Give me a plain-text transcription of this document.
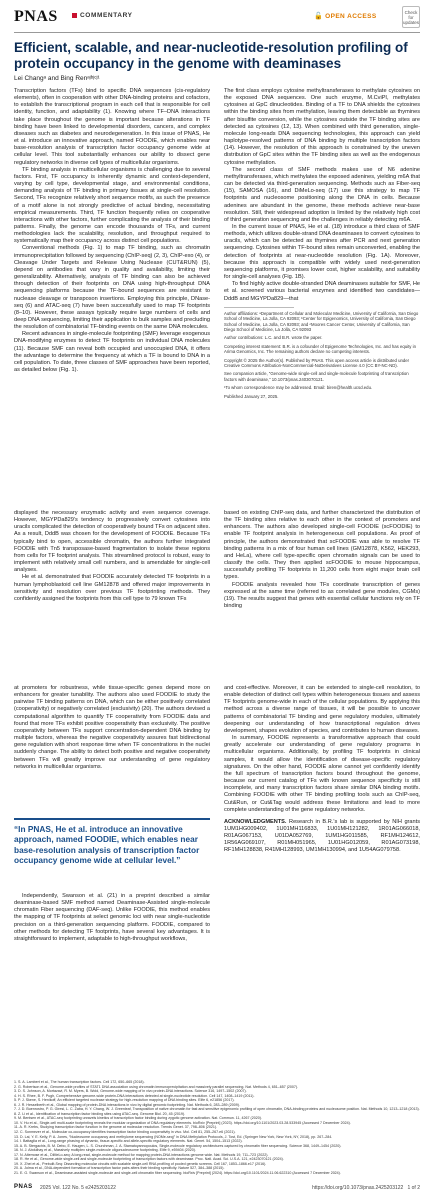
PNAS	COMMENTARY	🔓 OPEN ACCESS
Check for updates
Efficient, scalable, and near-nucleotide-resolution profiling of protein occupancy in the genome with deaminases
Lei Changᵃ and Bing Renᵃʲᵇʲᶜʲ¹

Transcription factors (TFs) bind to specific DNA sequences (cis-regulatory elements), often in cooperation with other DNA-binding proteins and cofactors, to establish the transcriptional program in each cell that is responsible for cell identity, function, and adaptability (1). Knowing where TF–DNA interactions take place throughout the genome is important because alterations in TF binding have been linked to developmental disorders, cancers, and complex diseases such as diabetes and neurodegeneration. In this issue of PNAS, He et al. introduce an innovative approach, named FOODIE, which enables near base-resolution analysis of transcription factor occupancy genome wide at cellular level. This tool substantially enhances our ability to dissect gene regulatory networks in diverse cell types of multicellular organisms.

TF binding analysis in multicellular organisms is challenging due to several factors. First, TF occupancy is inherently dynamic and context-dependent, varying by cell type, developmental stage, and environmental conditions, demanding analysis of TF binding in primary tissues at single-cell resolution. Second, TFs recognize relatively short sequence motifs, as such the presence of a motif alone is not strongly predictive of actual binding, necessitating empirical measurements. Third, TF function frequently relies on cooperative interactions with other factors, further complicating the analysis of their binding patterns. Finally, the genome can encode thousands of TFs, and current methodologies lack the scalability, resolution, and throughput required to systematically map their occupancy across distinct cell populations.

Conventional methods (Fig. 1) to map TF binding, such as chromatin immunoprecipitation followed by sequencing (ChIP-seq) (2, 3), ChIP-exo (4), or Cleavage Under Targets and Release Using Nuclease (CUT&RUN) (5), depend on antibodies that vary in quality and availability, limiting their generalizability. Alternatively, analysis of TF binding can also be achieved through detection of their footprints on DNA using high-throughput DNA sequencing platforms because the TF-bound sequences are resistant to nuclease cleavage or transposon insertions. Employing this principle, DNase-seq (6) and ATAC-seq (7) have been successfully used to map TF footprints (8–10). However, these assays typically require large numbers of cells and deep DNA sequencing, limiting their application to bulk samples and precluding the resolution of combinatorial TF-binding events on the same DNA molecules.

Recent advances in single-molecule footprinting (SMF) leverage exogenous DNA-modifying enzymes to detect TF footprints on individual DNA molecules (11). Because SMF can reveal both occupied and unoccupied DNA, it offers the advantage to determine the frequency at which a TF is bound to DNA in a cell population. To date, three classes of SMF approaches have been reported, as detailed below (Fig. 1).

The first class employs cytosine methyltransferases to methylate cytosines on the exposed DNA sequences. One such enzyme, M.CviPI, methylates cytosines at GpC dinucleotides. Binding of a TF to DNA shields the cytosines within the binding sites from methylation, leaving them detectable as thymines after bisulfite conversion, while the cytosines outside the TF binding sites are detected as cytosines (12, 13). When combined with third generation, single-molecule long-reads DNA sequencing technologies, this approach can yield haplotype-resolved patterns of DNA binding by multiple transcription factors (14). However, the resolution of this approach is constrained by the uneven distribution of GpC sites within the TF binding sites as well as the endogenous cytosine methylation.

The second class of SMF methods makes use of N6 adenine methyltransferases, which methylates the exposed adenines, yielding m6A that can be detected via third-generation sequencing. Methods such as Fiber-seq (15), SAMOSA (16), and DiMeLo-seq (17) use this strategy to map TF footprints and nucleosome positioning along the DNA in cells. Because adenines are abundant in the genome, these methods achieve near-base resolution. Still, their widespread adoption is limited by the relatively high cost of third generation sequencing and the challenges in reliably detecting m6A.

In the current issue of PNAS, He et al. (18) introduce a third class of SMF methods, which utilizes double-strand DNA deaminases to convert cytosines to uracils, which can be detected as thymines after PCR and next generation sequencing. Cytosines within TF-bound sites remain unconverted, enabling the detection of footprints at near-nucleotide resolution (Fig. 1A). Moreover, because this approach is compatible with widely used next-generation sequencing platforms, it promises lower cost, higher scalability, and suitability for single-cell analyses (Fig. 1B).

To find highly active double-stranded DNA deaminases suitable for SMF, He et al. screened various bacterial enzymes and identified two candidates—DddB and MGYPDa829—that

Author affiliations: ᵃDepartment of Cellular and Molecular Medicine, University of California, San Diego School of Medicine, La Jolla, CA 92093; ᵇCenter for Epigenomics, University of California, San Diego School of Medicine, La Jolla, CA 92093; and ᶜMoores Cancer Center, University of California, San Diego School of Medicine, La Jolla, CA 92093
Author contributions: L.C. and B.R. wrote the paper.
Competing interest statement: B.R. is a cofounder of Epigenome Technologies, Inc. and has equity in Arima Genomics, Inc. The remaining authors declare no competing interests.
Copyright © 2025 the Author(s). Published by PNAS. This open access article is distributed under Creative Commons Attribution-NonCommercial-NoDerivatives License 4.0 (CC BY-NC-ND).
See companion article, “Genome-wide single-cell and single-molecule footprinting of transcription factors with deaminase,” 10.1073/pnas.2403070121.
¹To whom correspondence may be addressed. Email: biren@health.ucsd.edu.
Published January 27, 2025.

displayed the necessary enzymatic activity and even sequence coverage. However, MGYPDa829’s tendency to progressively convert cytosines into uracils complicated the detection of cooperatively bound TFs on adjacent sites. As a result, DddB was chosen for the development of FOODIE. Because TFs typically bind to open, accessible chromatin, the authors further integrated FOODIE with Tn5 transposase-based fragmentation to isolate these regions from cells for TF footprint analysis. This streamlined protocol is robust, easy to implement with relatively small cell numbers, and is amendable for single-cell analyses.

He et al. demonstrated that FOODIE accurately detected TF footprints in a human lymphoblastoid cell line GM12878 and offered major improvements in sensitivity and resolution over previous TF footprinting methods. They confidently assigned the footprints from this cell type to 79 known TFs

based on existing ChIP-seq data, and further characterized the distribution of the TF binding sites relative to each other in the context of promoters and enhancers. The authors also developed single-cell FOODIE (scFOODIE) to enable TF footprint analysis in heterogeneous cell populations. As proof of principle, the authors demonstrated that scFOODIE was able to resolve TF binding patterns in a mix of four human cell lines (GM12878, K562, HEK293, and HeLa), where cell type-specific open chromatin signals can be used to classify the cells. They then applied scFOODIE to mouse hippocampus, successfully profiling TF footprints in 11,200 cells from eight major brain cell types.

FOODIE analysis revealed how TFs coordinate transcription of genes expressed at the same time (referred to as correlated gene modules, CGMs) (19). The results suggest that genes with essential cellular functions rely on TF binding

at promoters for robustness, while tissue-specific genes depend more on enhancers for greater tunability. The authors also used FOODIE to study the pairwise TF binding patterns on DNA, which can be either positively correlated (cooperativity) or negatively correlated (exclusivity) (20). The authors devised a computational algorithm to quantify TF cooperativity from FOODIE data and found that more TFs exhibit positive cooperativity than exclusivity. The positive cooperativity between TFs support concentration-dependent DNA binding by multiple factors, whereas the negative cooperativity assures fast bidirectional gene regulation with short response time when TF concentrations in the nuclei suddenly change. The ability to detect both positive and negative cooperativity between TFs will greatly improve our understanding of gene regulatory networks in multicellular organisms.

“In PNAS, He et al. introduce an innovative approach, named FOODIE, which enables near base-resolution analysis of transcription factor occupancy genome wide at cellular level.”

Independently, Swanson et al. (21) in a preprint described a similar deaminase-based SMF method named Deaminase-Assisted single-molecule chromatin Fiber sequencing (DAF-seq). Unlike FOODIE, this method enables the mapping of TF footprints at select genomic loci with near single-nucleotide precision on a third-generation sequencing platform. FOODIE, compared to other methods for detecting TF footprints, have several key advantages. It is straightforward to implement, adaptable to high-throughput workflows,

and cost-effective. Moreover, it can be extended to single-cell resolution, to enable detection of distinct cell types within heterogeneous tissues and assess TF footprints genome-wide in each of the cellular populations. By applying this method across a diverse range of tissues, it will be possible to uncover patterns of combinatorial TF binding and gene regulatory modules, ultimately deepening our understanding of how transcriptional regulation drives development, shapes evolution of species, and contributes to human diseases.

In summary, FOODIE represents a transformative approach that could greatly accelerate our understanding of gene regulatory programs in multicellular organisms. Additionally, by profiling TF footprints in clinical samples, it would allow the identification of disease-specific regulatory signatures. On the other hand, FOODIE alone cannot yet confidently identify the full spectrum of transcription factors bound throughout the genome, because our current catalog of TFs with known sequence specificity is still incomplete, and many transcription factors share similar DNA binding motifs. Combining FOODIE with other TF binding profiling tools such as ChIP-seq, Cut&Run, or Cut&Tag would address these limitations and lead to more complete understanding of the gene regulatory networks.

ACKNOWLEDGMENTS. Research in B.R.’s lab is supported by NIH grants 1UM1HG009402, 1U01MH116833, 1U01MH121282, 1R01AG066018, R01AG067153, U01DA052769, 1UM1HG011585, RF1MH124612, 1R56AG069107, R01MH051965, 1U01HG012059, R01AG073198, RF1MH128838, R41MH128993, UM1MH130994, and 1U54AG079758.

1. S. A. Lambert et al., The human transcription factors. Cell 172, 650–665 (2018).
2. G. Robertson et al., Genome-wide profiles of STAT1 DNA association using chromatin immunoprecipitation and massively parallel sequencing. Nat. Methods 4, 651–657 (2007).
3. D. S. Johnson, A. Mortazavi, R. M. Myers, B. Wold, Genome-wide mapping of in vivo protein-DNA interactions. Science 316, 1497–1502 (2007).
4. H. S. Rhee, B. F. Pugh, Comprehensive genome-wide protein-DNA interactions detected at single-nucleotide resolution. Cell 147, 1408–1419 (2011).
5. P. J. Skene, S. Henikoff, An efficient targeted nuclease strategy for high-resolution mapping of DNA binding sites. Elife 6, e21856 (2017).
6. J. R. Hesselberth et al., Global mapping of protein-DNA interactions in vivo by digital genomic footprinting. Nat. Methods 6, 283–289 (2009).
7. J. D. Buenrostro, P. G. Giresi, L. C. Zaba, H. Y. Chang, W. J. Greenleaf, Transposition of native chromatin for fast and sensitive epigenomic profiling of open chromatin, DNA-binding proteins and nucleosome position. Nat. Methods 10, 1213–1218 (2013).
8. Z. Li et al., Identification of transcription factor binding sites using ATAC-seq. Genome Biol. 20, 45 (2019).
9. M. Bentsen et al., ATAC-seq footprinting unravels kinetics of transcription factor binding during zygotic genome activation. Nat. Commun. 11, 4267 (2020).
10. V. Hu et al., Single-cell multi-scale footprinting reveals the modular organization of DNA regulatory elements. bioRxiv [Preprint] (2023). https://doi.org/10.1101/2023.03.28.533945 (Accessed 7 December 2024).
11. A. R. Krebs, Studying transcription factor function in the genome at molecular resolution. Trends Genet. 37, 798–806 (2021).
12. C. Sonmezer et al., Molecular co-occupancy identifies transcription factor binding cooperativity in vivo. Mol. Cell 81, 255–267.e6 (2021).
13. D. Lai, Y. E. Kelly, P. A. Jones, “Nucleosome occupancy and methylome sequencing (NOMe-seq)” in DNA Methylation Protocols, J. Tost, Ed. (Springer New York, New York, NY, 2018), pp. 267–284.
14. I. Battaglia et al., Long-range phasing of dynamic, tissue-specific and allele-specific regulatory elements. Nat. Genet. 54, 1504–1513 (2022).
15. A. B. Stergachis, B. M. Debo, E. Haugen, L. S. Churchman, J. A. Stamatoyannopoulos, Single-molecule regulatory architectures captured by chromatin fiber sequencing. Science 368, 1449–1454 (2020).
16. N. J. Abdulhay et al., Massively multiplex single-molecule oligonucleosome footprinting. Elife 9, e59404 (2020).
17. N. Altemose et al., DiMeLo-seq: A long-read, single-molecule method for mapping protein-DNA interactions genome wide. Nat. Methods 19, 711–723 (2022).
18. R. He et al., Genome-wide single-cell and single-molecule footprinting of transcription factors with deaminase. Proc. Natl. Acad. Sci. U.S.A. 121, e2423070121 (2024).
19. X. Zhei et al., Prebuilt-Seq: Dissecting molecular circuits with scalable single-cell RNA profiling of pooled genetic screens. Cell 167, 1853–1866.e17 (2016).
20. A. Jolma et al., DNA-dependent formation of transcription factor pairs alters their binding specificity. Nature 527, 384–388 (2015).
21. E. G. Swanson et al., Deaminase-assisted single-molecule and single-cell chromatin fiber sequencing. bioRxiv [Preprint] (2024). https://doi.org/10.1101/2024.11.06.622310 (Accessed 7 December 2024).
PNAS 2025 Vol. 122 No. 5 e2425203122	https://doi.org/10.1073/pnas.2425203122 1 of 2
